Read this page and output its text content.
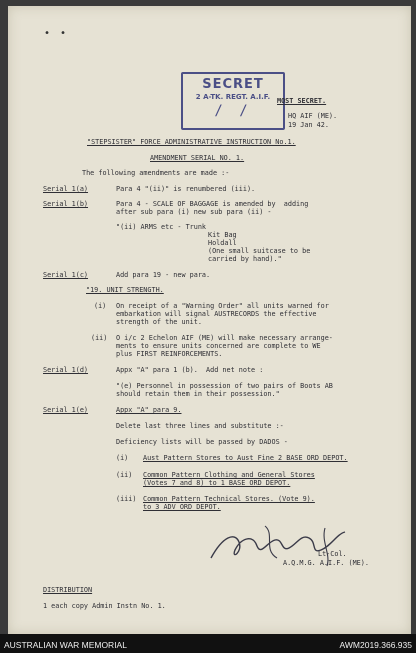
• •
SECRET
2 A-TK. REGT. A.I.F.
/ /
MOST SECRET.
HQ AIF (ME).
19 Jan 42.
"STEPSISTER" FORCE ADMINISTRATIVE INSTRUCTION No.1.
AMENDMENT SERIAL NO. 1.
The following amendments are made :-
Serial 1(a)	Para 4 "(ii)" is renumbered (iii).
Serial 1(b)	Para 4 - SCALE OF BAGGAGE is amended by  adding
after sub para (i) new sub para (ii) -
"(ii) ARMS etc - Trunk
Kit Bag
Holdall
(One small suitcase to be
carried by hand)."
Serial 1(c)	Add para 19 - new para.
"19. UNIT STRENGTH.
(i) On receipt of a "Warning Order" all units warned for
embarkation will signal AUSTRECORDS the effective
strength of the unit.
(ii) O i/c 2 Echelon AIF (ME) will make necessary arrange-
ments to ensure units concerned are complete to WE
plus FIRST REINFORCEMENTS.
Serial 1(d)	Appx "A" para 1 (b).  Add net note :
"(e) Personnel in possession of two pairs of Boots AB
should retain them in their possession."
Serial 1(e)	Appx "A" para 9.
Delete last three lines and substitute :-
Deficiency lists will be passed by DADOS -
(i) Aust Pattern Stores to Aust Fine 2 BASE ORD DEPOT.
(ii) Common Pattern Clothing and General Stores
(Votes 7 and 8) to 1 BASE ORD DEPOT.
(iii) Common Pattern Technical Stores. (Vote 9).
to 3 ADV ORD DEPOT.
Lt-Col.
A.Q.M.G. A.I.F. (ME).
DISTRIBUTION
1 each copy Admin Instn No. 1.
AUSTRALIAN WAR MEMORIAL	AWM2019.366.935
